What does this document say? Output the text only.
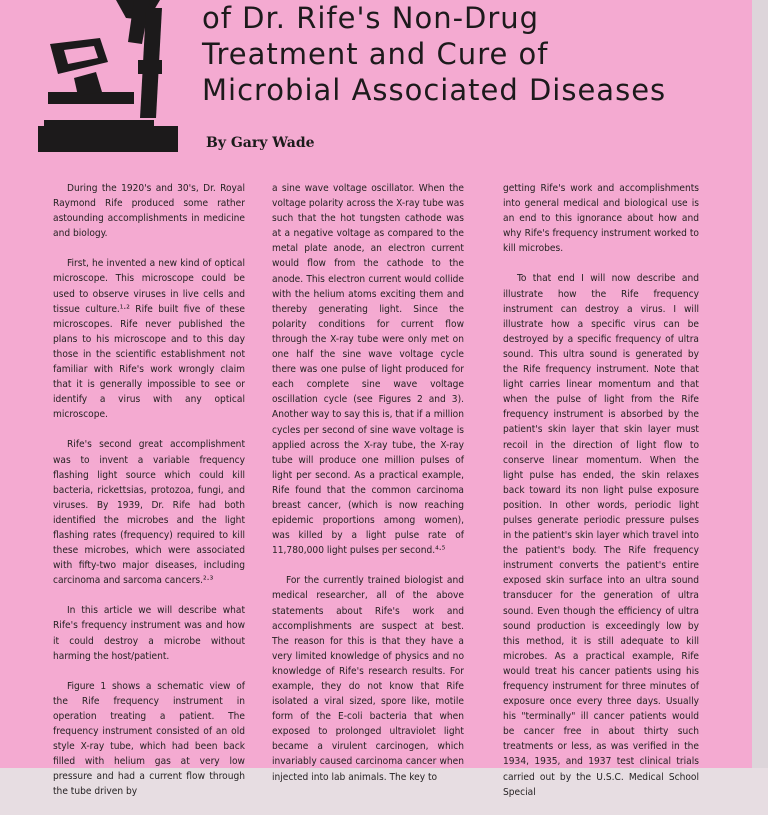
of Dr. Rife's Non-Drug
Treatment and Cure of
Microbial Associated Diseases

By Gary Wade

During the 1920's and 30's, Dr. Royal Raymond Rife produced some rather astounding accomplishments in medicine and biology.

First, he invented a new kind of optical microscope. This microscope could be used to observe viruses in live cells and tissue culture.¹·² Rife built five of these microscopes. Rife never published the plans to his microscope and to this day those in the scientific establishment not familiar with Rife's work wrongly claim that it is generally impossible to see or identify a virus with any optical microscope.

Rife's second great accomplishment was to invent a variable frequency flashing light source which could kill bacteria, rickettsias, protozoa, fungi, and viruses. By 1939, Dr. Rife had both identified the microbes and the light flashing rates (frequency) required to kill these microbes, which were associated with fifty-two major diseases, including carcinoma and sarcoma cancers.²·³

In this article we will describe what Rife's frequency instrument was and how it could destroy a microbe without harming the host/patient.

Figure 1 shows a schematic view of the Rife frequency instrument in operation treating a patient. The frequency instrument consisted of an old style X-ray tube, which had been back filled with helium gas at very low pressure and had a current flow through the tube driven by

a sine wave voltage oscillator. When the voltage polarity across the X-ray tube was such that the hot tungsten cathode was at a negative voltage as compared to the metal plate anode, an electron current would flow from the cathode to the anode. This electron current would collide with the helium atoms exciting them and thereby generating light. Since the polarity conditions for current flow through the X-ray tube were only met on one half the sine wave voltage cycle there was one pulse of light produced for each complete sine wave voltage oscillation cycle (see Figures 2 and 3). Another way to say this is, that if a million cycles per second of sine wave voltage is applied across the X-ray tube, the X-ray tube will produce one million pulses of light per second. As a practical example, Rife found that the common carcinoma breast cancer, (which is now reaching epidemic proportions among women), was killed by a light pulse rate of 11,780,000 light pulses per second.⁴·⁵

For the currently trained biologist and medical researcher, all of the above statements about Rife's work and accomplishments are suspect at best. The reason for this is that they have a very limited knowledge of physics and no knowledge of Rife's research results. For example, they do not know that Rife isolated a viral sized, spore like, motile form of the E-coli bacteria that when exposed to prolonged ultraviolet light became a virulent carcinogen, which invariably caused carcinoma cancer when injected into lab animals. The key to

getting Rife's work and accomplishments into general medical and biological use is an end to this ignorance about how and why Rife's frequency instrument worked to kill microbes.

To that end I will now describe and illustrate how the Rife frequency instrument can destroy a virus. I will illustrate how a specific virus can be destroyed by a specific frequency of ultra sound. This ultra sound is generated by the Rife frequency instrument. Note that light carries linear momentum and that when the pulse of light from the Rife frequency instrument is absorbed by the patient's skin layer that skin layer must recoil in the direction of light flow to conserve linear momentum. When the light pulse has ended, the skin relaxes back toward its non light pulse exposure position. In other words, periodic light pulses generate periodic pressure pulses in the patient's skin layer which travel into the patient's body. The Rife frequency instrument converts the patient's entire exposed skin surface into an ultra sound transducer for the generation of ultra sound. Even though the efficiency of ultra sound production is exceedingly low by this method, it is still adequate to kill microbes. As a practical example, Rife would treat his cancer patients using his frequency instrument for three minutes of exposure once every three days. Usually his "terminally" ill cancer patients would be cancer free in about thirty such treatments or less, as was verified in the 1934, 1935, and 1937 test clinical trials carried out by the U.S.C. Medical School Special
